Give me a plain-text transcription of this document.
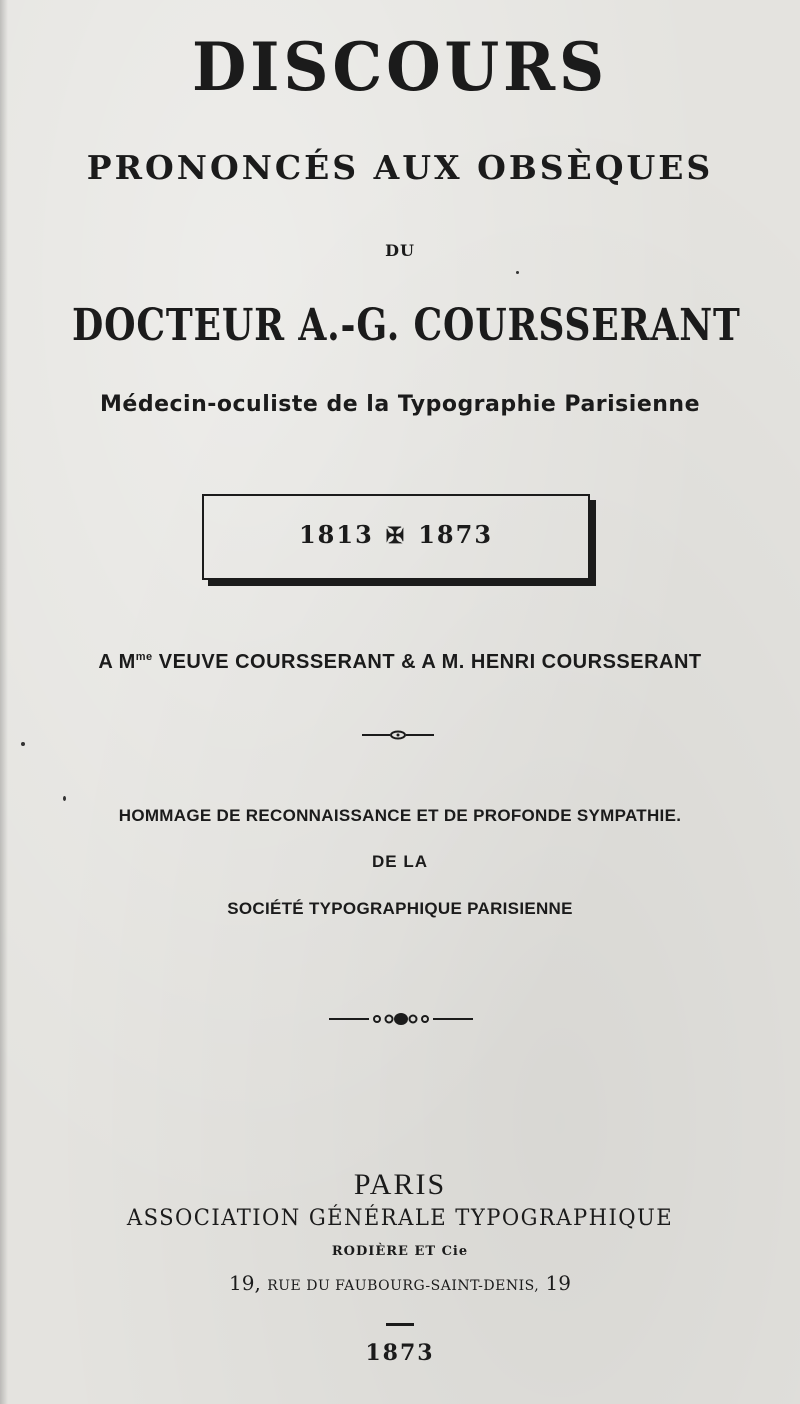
DISCOURS
PRONONCÉS AUX OBSÈQUES
DU
DOCTEUR A.-G. COURSSERANT
Médecin-oculiste de la Typographie Parisienne
1813 ✠ 1873
A $M^{me}$ VEUVE COURSSERANT & A M. HENRI COURSSERANT
HOMMAGE DE RECONNAISSANCE ET DE PROFONDE SYMPATHIE.
DE LA
SOCIÉTÉ TYPOGRAPHIQUE PARISIENNE
PARIS
ASSOCIATION GÉNÉRALE TYPOGRAPHIQUE
RODIÈRE ET Cie
19, RUE DU FAUBOURG-SAINT-DENIS, 19
1873
